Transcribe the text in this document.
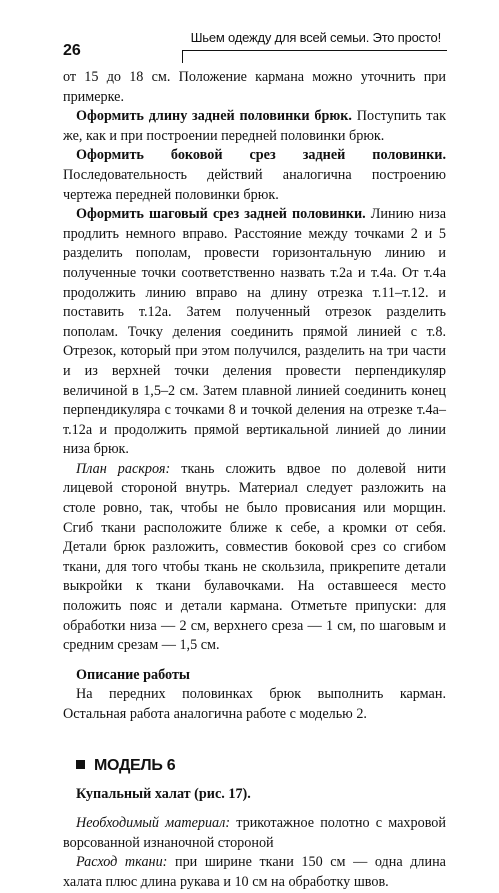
26
Шьем одежду для всей семьи. Это просто!

от 15 до 18 см. Положение кармана можно уточнить при примерке.

Оформить длину задней половинки брюк. Поступить так же, как и при построении передней половинки брюк.

Оформить боковой срез задней половинки. Последовательность действий аналогична построению чертежа передней половинки брюк.

Оформить шаговый срез задней половинки. Линию низа продлить немного вправо. Расстояние между точками 2 и 5 разделить пополам, провести горизонтальную линию и полученные точки соответственно назвать т.2а и т.4а. От т.4а продолжить линию вправо на длину отрезка т.11–т.12. и поставить т.12а. Затем полученный отрезок разделить пополам. Точку деления соединить прямой линией с т.8. Отрезок, который при этом получился, разделить на три части и из верхней точки деления провести перпендикуляр величиной в 1,5–2 см. Затем плавной линией соединить конец перпендикуляра с точками 8 и точкой деления на отрезке т.4а–т.12а и продолжить прямой вертикальной линией до линии низа брюк.

План раскроя: ткань сложить вдвое по долевой нити лицевой стороной внутрь. Материал следует разложить на столе ровно, так, чтобы не было провисания или морщин. Сгиб ткани расположите ближе к себе, а кромки от себя. Детали брюк разложить, совместив боковой срез со сгибом ткани, для того чтобы ткань не скользила, прикрепите детали выкройки к ткани булавочками. На оставшееся место положить пояс и детали кармана. Отметьте припуски: для обработки низа — 2 см, верхнего среза — 1 см, по шаговым и средним срезам — 1,5 см.

Описание работы

На передних половинках брюк выполнить карман. Остальная работа аналогична работе с моделью 2.

МОДЕЛЬ 6
Купальный халат (рис. 17).

Необходимый материал: трикотажное полотно с махровой ворсованной изнаночной стороной

Расход ткани: при ширине ткани 150 см — одна длина халата плюс длина рукава и 10 см на обработку швов.
